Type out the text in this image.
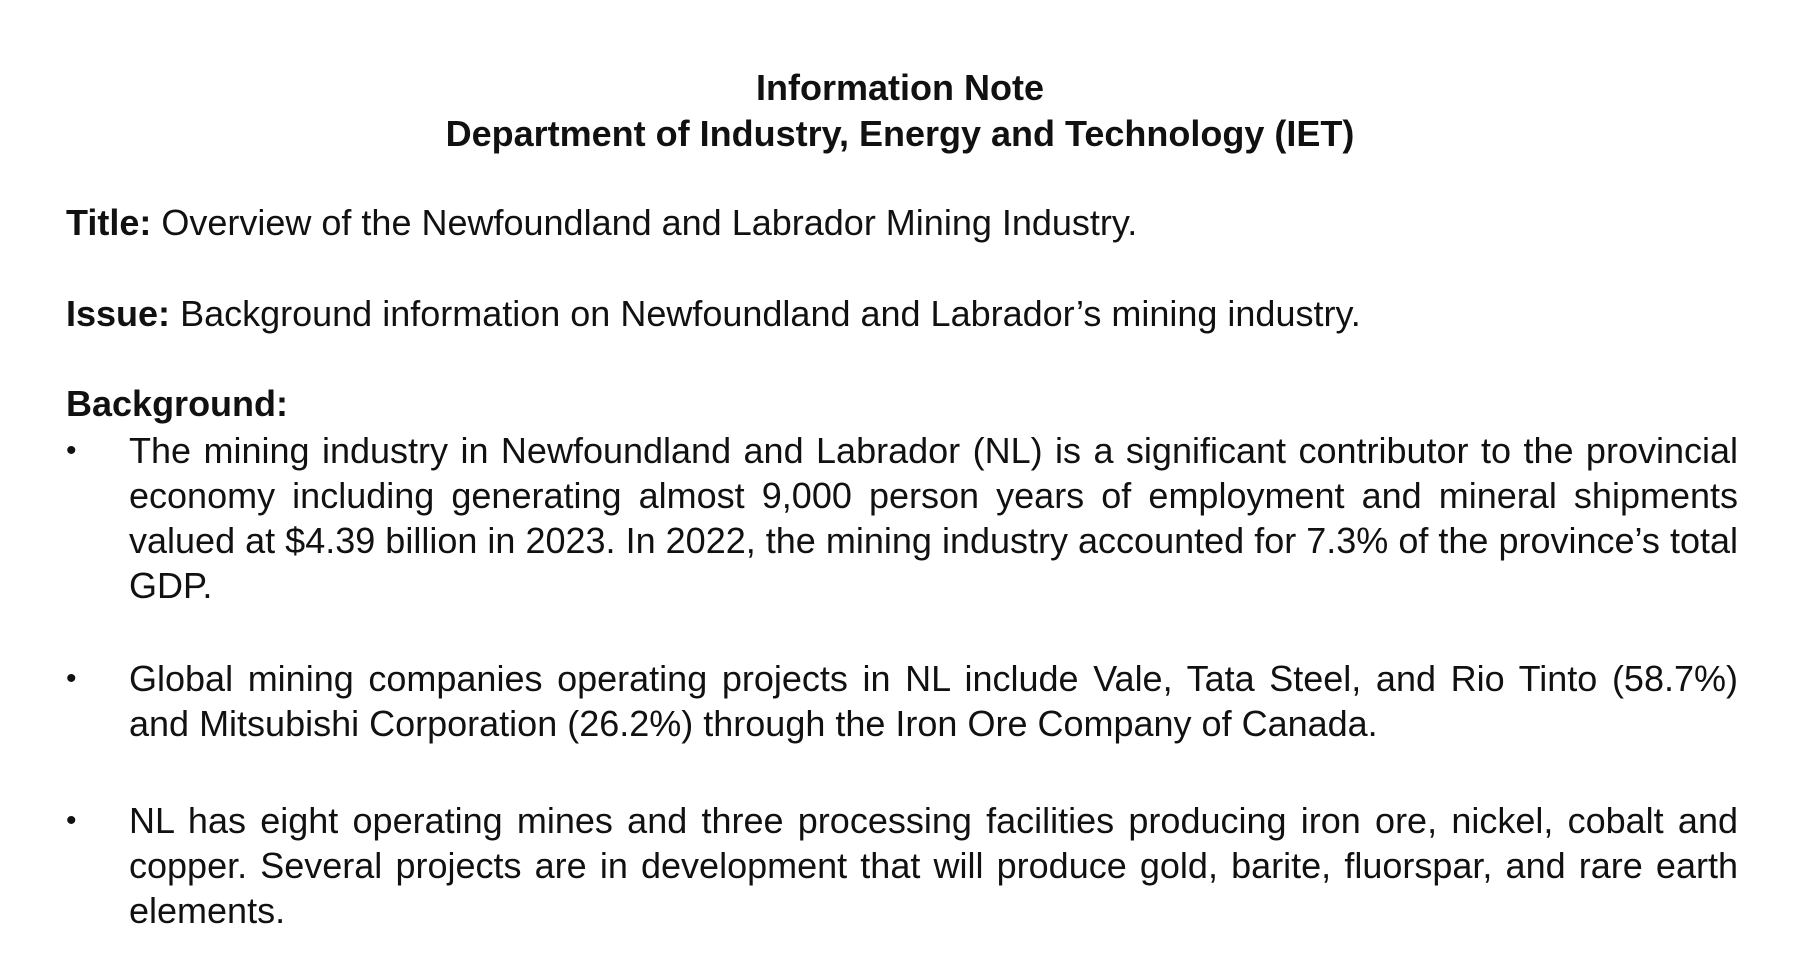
Information Note
Department of Industry, Energy and Technology (IET)
Title: Overview of the Newfoundland and Labrador Mining Industry.
Issue: Background information on Newfoundland and Labrador’s mining industry.
Background:
• The mining industry in Newfoundland and Labrador (NL) is a significant contributor to the provincial economy including generating almost 9,000 person years of employment and mineral shipments valued at $4.39 billion in 2023. In 2022, the mining industry accounted for 7.3% of the province’s total GDP.
• Global mining companies operating projects in NL include Vale, Tata Steel, and Rio Tinto (58.7%) and Mitsubishi Corporation (26.2%) through the Iron Ore Company of Canada.
• NL has eight operating mines and three processing facilities producing iron ore, nickel, cobalt and copper. Several projects are in development that will produce gold, barite, fluorspar, and rare earth elements.
